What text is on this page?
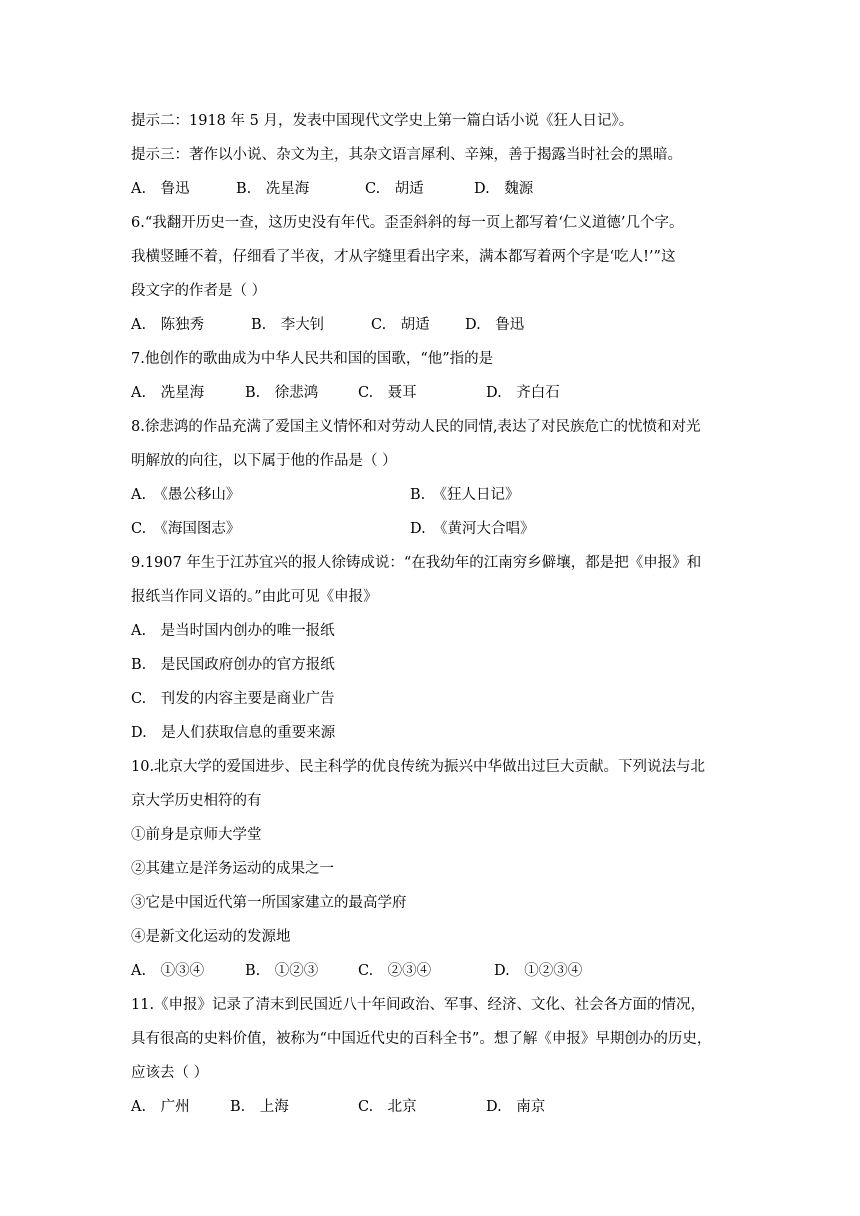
提示二：1918 年 5 月，发表中国现代文学史上第一篇白话小说《狂人日记》。
提示三：著作以小说、杂文为主，其杂文语言犀利、辛辣，善于揭露当时社会的黑暗。
A.　鲁迅	B.　冼星海	C.　胡适	D.　魏源
6.“我翻开历史一查，这历史没有年代。歪歪斜斜的每一页上都写着‘仁义道德’几个字。
我横竖睡不着，仔细看了半夜，才从字缝里看出字来，满本都写着两个字是‘吃人!’”这
段文字的作者是（ ）
A.　陈独秀	B.　李大钊	C.　胡适 D.　鲁迅
7.他创作的歌曲成为中华人民共和国的国歌，“他”指的是
A.　冼星海	B.　徐悲鸿	C.　聂耳	D.　齐白石
8.徐悲鸿的作品充满了爱国主义情怀和对劳动人民的同情,表达了对民族危亡的忧愤和对光
明解放的向往，以下属于他的作品是（ ）
A.　《愚公移山》	B.　《狂人日记》
C.　《海国图志》	D.　《黄河大合唱》
9.1907 年生于江苏宜兴的报人徐铸成说：“在我幼年的江南穷乡僻壤，都是把《申报》和
报纸当作同义语的。”由此可见《申报》
A.　是当时国内创办的唯一报纸
B.　是民国政府创办的官方报纸
C.　刊发的内容主要是商业广告
D.　是人们获取信息的重要来源
10.北京大学的爱国进步、民主科学的优良传统为振兴中华做出过巨大贡献。下列说法与北
京大学历史相符的有
①前身是京师大学堂
②其建立是洋务运动的成果之一
③它是中国近代第一所国家建立的最高学府
④是新文化运动的发源地
A.　①③④	B.　①②③	C.　②③④	D.　①②③④
11.《申报》记录了清末到民国近八十年间政治、军事、经济、文化、社会各方面的情况，
具有很高的史料价值，被称为“中国近代史的百科全书”。想了解《申报》早期创办的历史，
应该去（ ）
A.　广州	B.　上海	C.　北京	D.　南京
